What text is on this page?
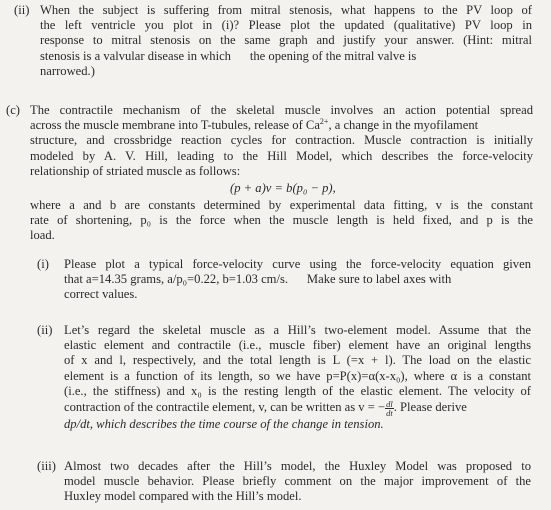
(ii) When the subject is suffering from mitral stenosis, what happens to the PV loop of
the left ventricle you plot in (i)? Please plot the updated (qualitative) PV loop in
response to mitral stenosis on the same graph and justify your answer. (Hint: mitral
stenosis is a valvular disease in which      the opening of the mitral valve is
narrowed.)
(c) The contractile mechanism of the skeletal muscle involves an action potential spread
across the muscle membrane into T-tubules, release of $Ca^{2+}$, a change in the myofilament
structure, and crossbridge reaction cycles for contraction. Muscle contraction is initially
modeled by A. V. Hill, leading to the Hill Model, which describes the force-velocity
relationship of striated muscle as follows:
(p + a)v = b(p₀ − p),
where a and b are constants determined by experimental data fitting, v is the constant
rate of shortening, p₀ is the force when the muscle length is held fixed, and p is the
load.
(i) Please plot a typical force-velocity curve using the force-velocity equation given
that a=14.35 grams, a/p₀=0.22, b=1.03 cm/s.      Make sure to label axes with
correct values.
(ii) Let’s regard the skeletal muscle as a Hill’s two-element model. Assume that the
elastic element and contractile (i.e., muscle fiber) element have an original lengths
of x and l, respectively, and the total length is L (=x + l). The load on the elastic
element is a function of its length, so we have p=P(x)=α(x-x₀), where α is a constant
(i.e., the stiffness) and x₀ is the resting length of the elastic element. The velocity of
contraction of the contractile element, v, can be written as v = − $\frac{dl}{dt}$ . Please derive
dp/dt, which describes the time course of the change in tension.
(iii) Almost two decades after the Hill’s model, the Huxley Model was proposed to
model muscle behavior. Please briefly comment on the major improvement of the
Huxley model compared with the Hill’s model.
